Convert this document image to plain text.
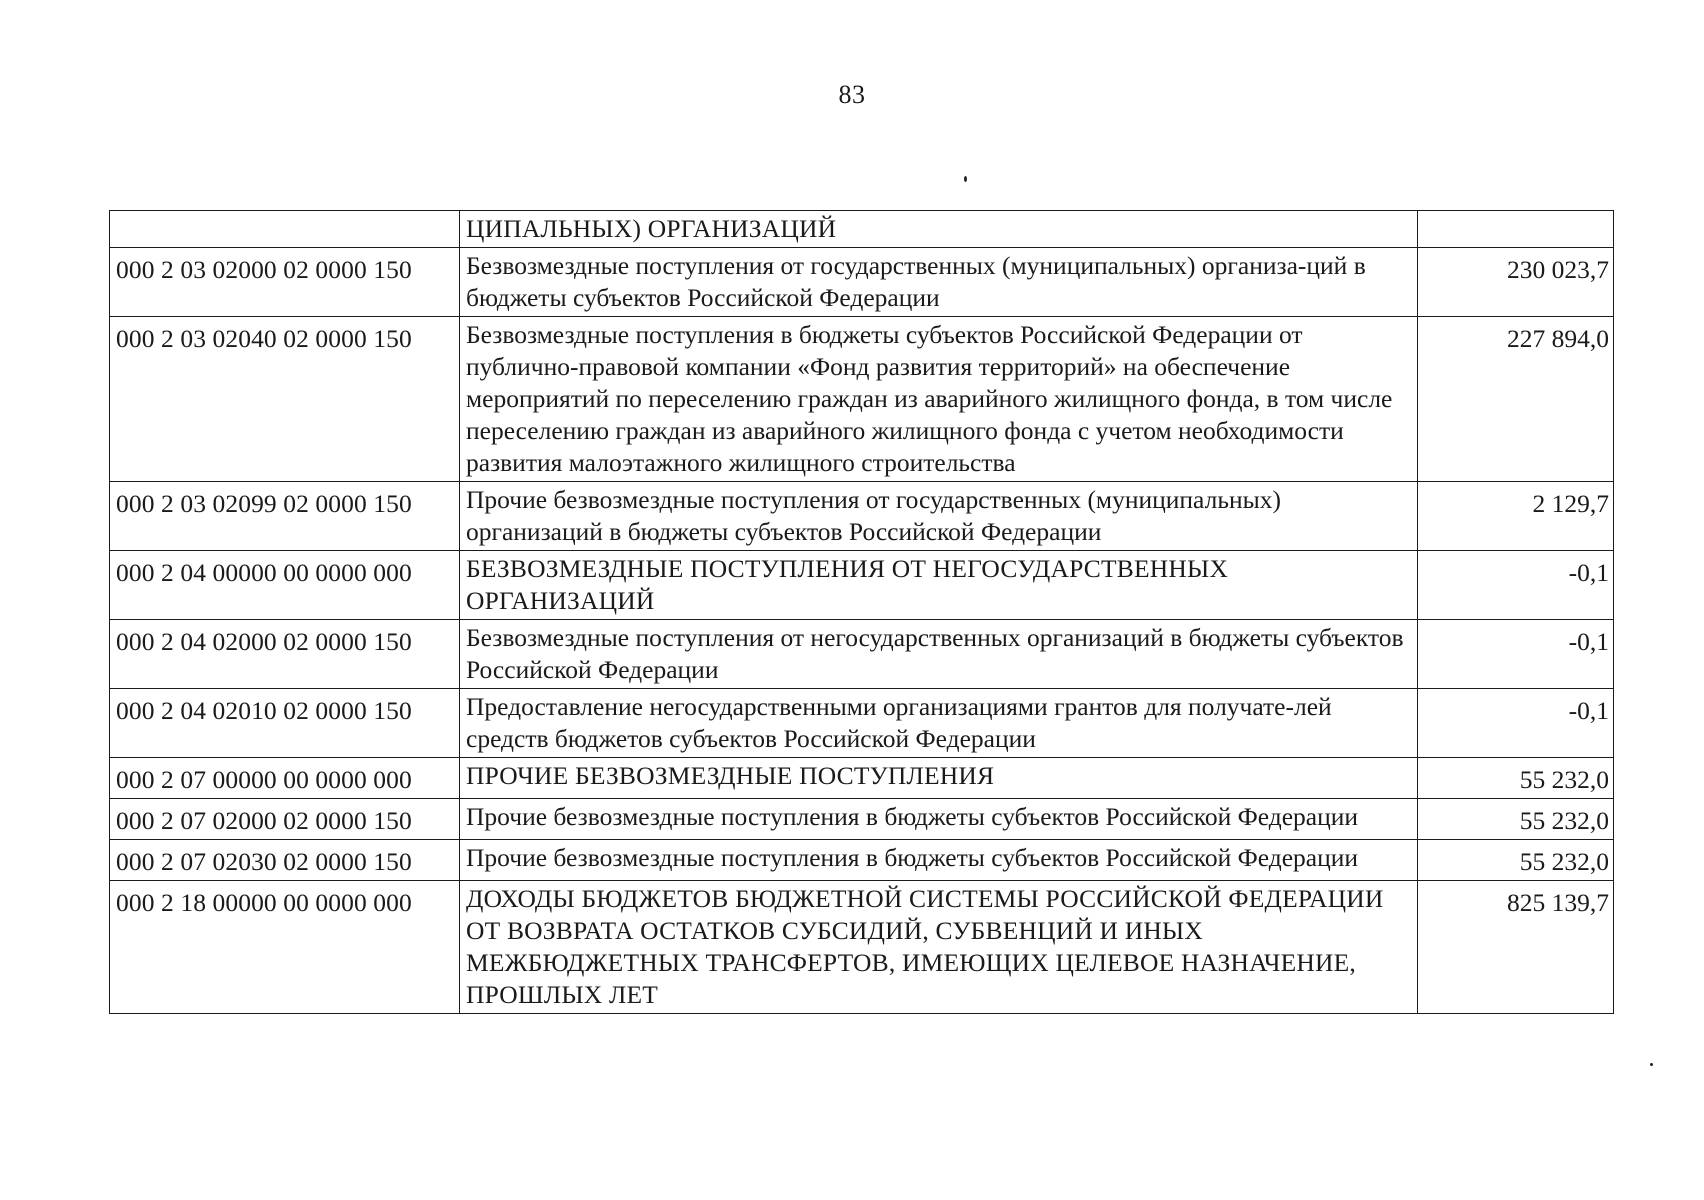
83
	ЦИПАЛЬНЫХ) ОРГАНИЗАЦИЙ	
000 2 03 02000 02 0000 150	Безвозмездные поступления от государственных (муниципальных) организа-ций в бюджеты субъектов Российской Федерации	230 023,7
000 2 03 02040 02 0000 150	Безвозмездные поступления в бюджеты субъектов Российской Федерации от публично-правовой компании «Фонд развития территорий» на обеспечение мероприятий по переселению граждан из аварийного жилищного фонда, в том числе переселению граждан из аварийного жилищного фонда с учетом необходимости развития малоэтажного жилищного строительства	227 894,0
000 2 03 02099 02 0000 150	Прочие безвозмездные поступления от государственных (муниципальных) организаций в бюджеты субъектов Российской Федерации	2 129,7
000 2 04 00000 00 0000 000	БЕЗВОЗМЕЗДНЫЕ ПОСТУПЛЕНИЯ ОТ НЕГОСУДАРСТВЕННЫХ ОРГАНИЗАЦИЙ	-0,1
000 2 04 02000 02 0000 150	Безвозмездные поступления от негосударственных организаций в бюджеты субъектов Российской Федерации	-0,1
000 2 04 02010 02 0000 150	Предоставление негосударственными организациями грантов для получате-лей средств бюджетов субъектов Российской Федерации	-0,1
000 2 07 00000 00 0000 000	ПРОЧИЕ БЕЗВОЗМЕЗДНЫЕ ПОСТУПЛЕНИЯ	55 232,0
000 2 07 02000 02 0000 150	Прочие безвозмездные поступления в бюджеты субъектов Российской Федерации	55 232,0
000 2 07 02030 02 0000 150	Прочие безвозмездные поступления в бюджеты субъектов Российской Федерации	55 232,0
000 2 18 00000 00 0000 000	ДОХОДЫ БЮДЖЕТОВ БЮДЖЕТНОЙ СИСТЕМЫ РОССИЙСКОЙ ФЕДЕРАЦИИ ОТ ВОЗВРАТА ОСТАТКОВ СУБСИДИЙ, СУБВЕНЦИЙ И ИНЫХ МЕЖБЮДЖЕТНЫХ ТРАНСФЕРТОВ, ИМЕЮЩИХ ЦЕЛЕВОЕ НАЗНАЧЕНИЕ, ПРОШЛЫХ ЛЕТ	825 139,7
